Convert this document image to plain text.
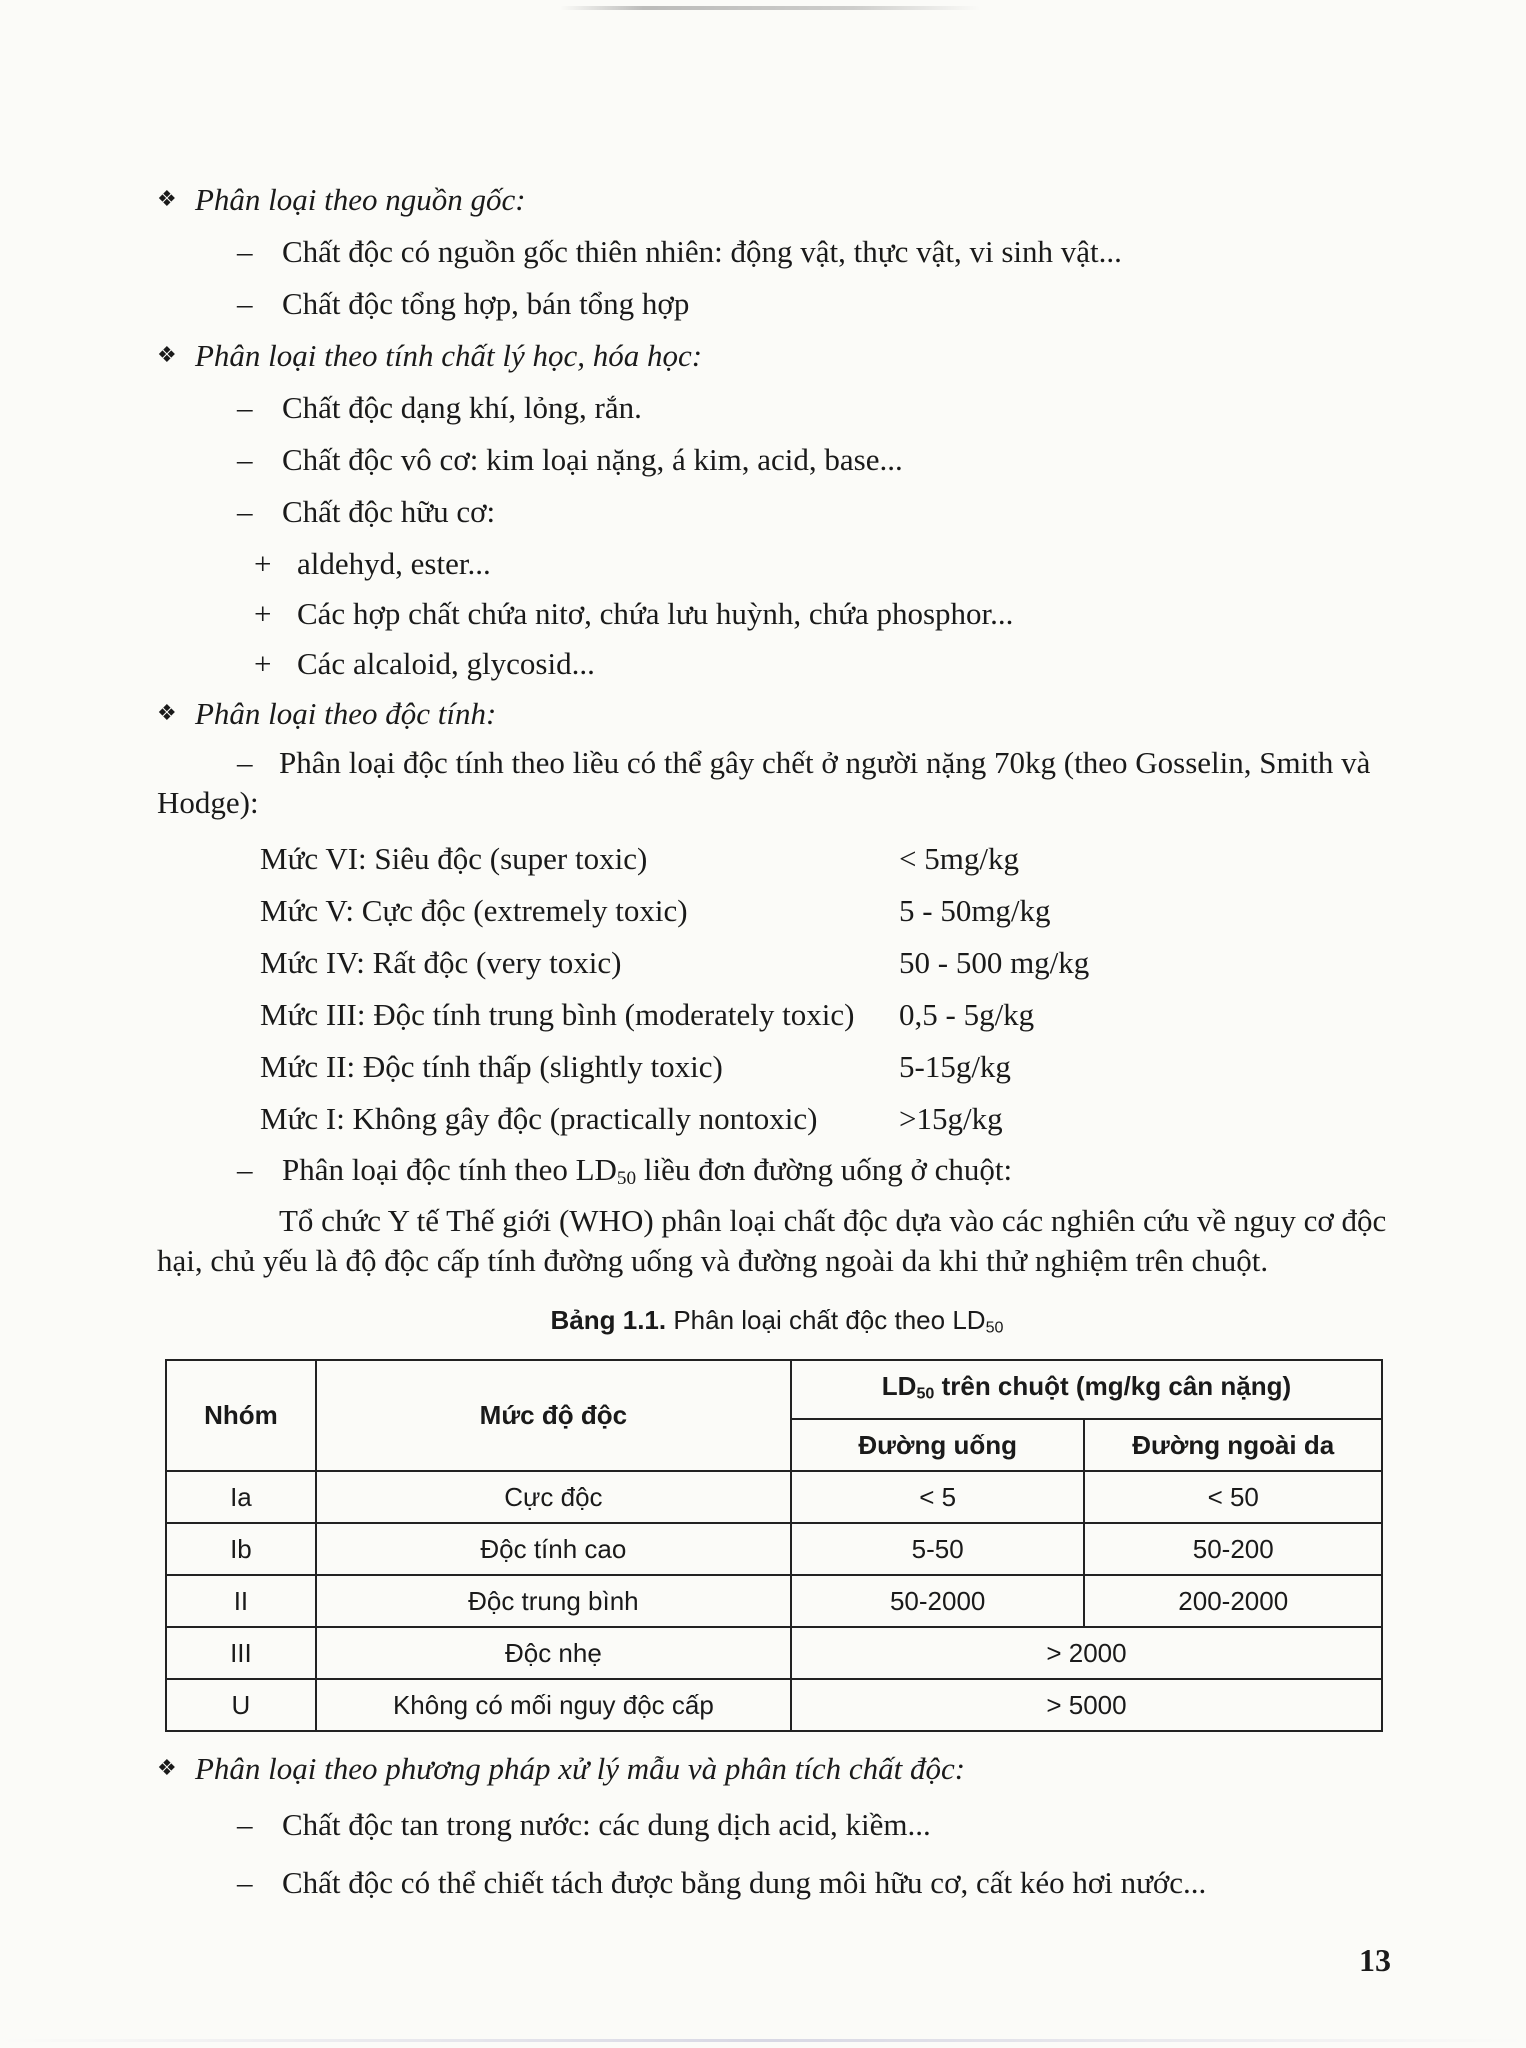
❖ Phân loại theo nguồn gốc:
– Chất độc có nguồn gốc thiên nhiên: động vật, thực vật, vi sinh vật...
– Chất độc tổng hợp, bán tổng hợp
❖ Phân loại theo tính chất lý học, hóa học:
– Chất độc dạng khí, lỏng, rắn.
– Chất độc vô cơ: kim loại nặng, á kim, acid, base...
– Chất độc hữu cơ:
+ aldehyd, ester...
+ Các hợp chất chứa nitơ, chứa lưu huỳnh, chứa phosphor...
+ Các alcaloid, glycosid...
❖ Phân loại theo độc tính:
– Phân loại độc tính theo liều có thể gây chết ở người nặng 70kg (theo Gosselin, Smith và Hodge):
Mức VI: Siêu độc (super toxic)	< 5mg/kg
Mức V: Cực độc (extremely toxic)	5 - 50mg/kg
Mức IV: Rất độc (very toxic)	50 - 500 mg/kg
Mức III: Độc tính trung bình (moderately toxic)	0,5 - 5g/kg
Mức II: Độc tính thấp (slightly toxic)	5-15g/kg
Mức I: Không gây độc (practically nontoxic)	>15g/kg
– Phân loại độc tính theo $LD_{50}$ liều đơn đường uống ở chuột:

Tổ chức Y tế Thế giới (WHO) phân loại chất độc dựa vào các nghiên cứu về nguy cơ độc hại, chủ yếu là độ độc cấp tính đường uống và đường ngoài da khi thử nghiệm trên chuột.

Bảng 1.1. Phân loại chất độc theo $LD_{50}$
Nhóm	Mức độ độc	$LD_{50}$ trên chuột (mg/kg cân nặng)	
		Đường uống	Đường ngoài da
Ia	Cực độc	< 5	< 50
Ib	Độc tính cao	5-50	50-200
II	Độc trung bình	50-2000	200-2000
III	Độc nhẹ	> 2000	
U	Không có mối nguy độc cấp	> 5000	
❖ Phân loại theo phương pháp xử lý mẫu và phân tích chất độc:
– Chất độc tan trong nước: các dung dịch acid, kiềm...
– Chất độc có thể chiết tách được bằng dung môi hữu cơ, cất kéo hơi nước...
13
